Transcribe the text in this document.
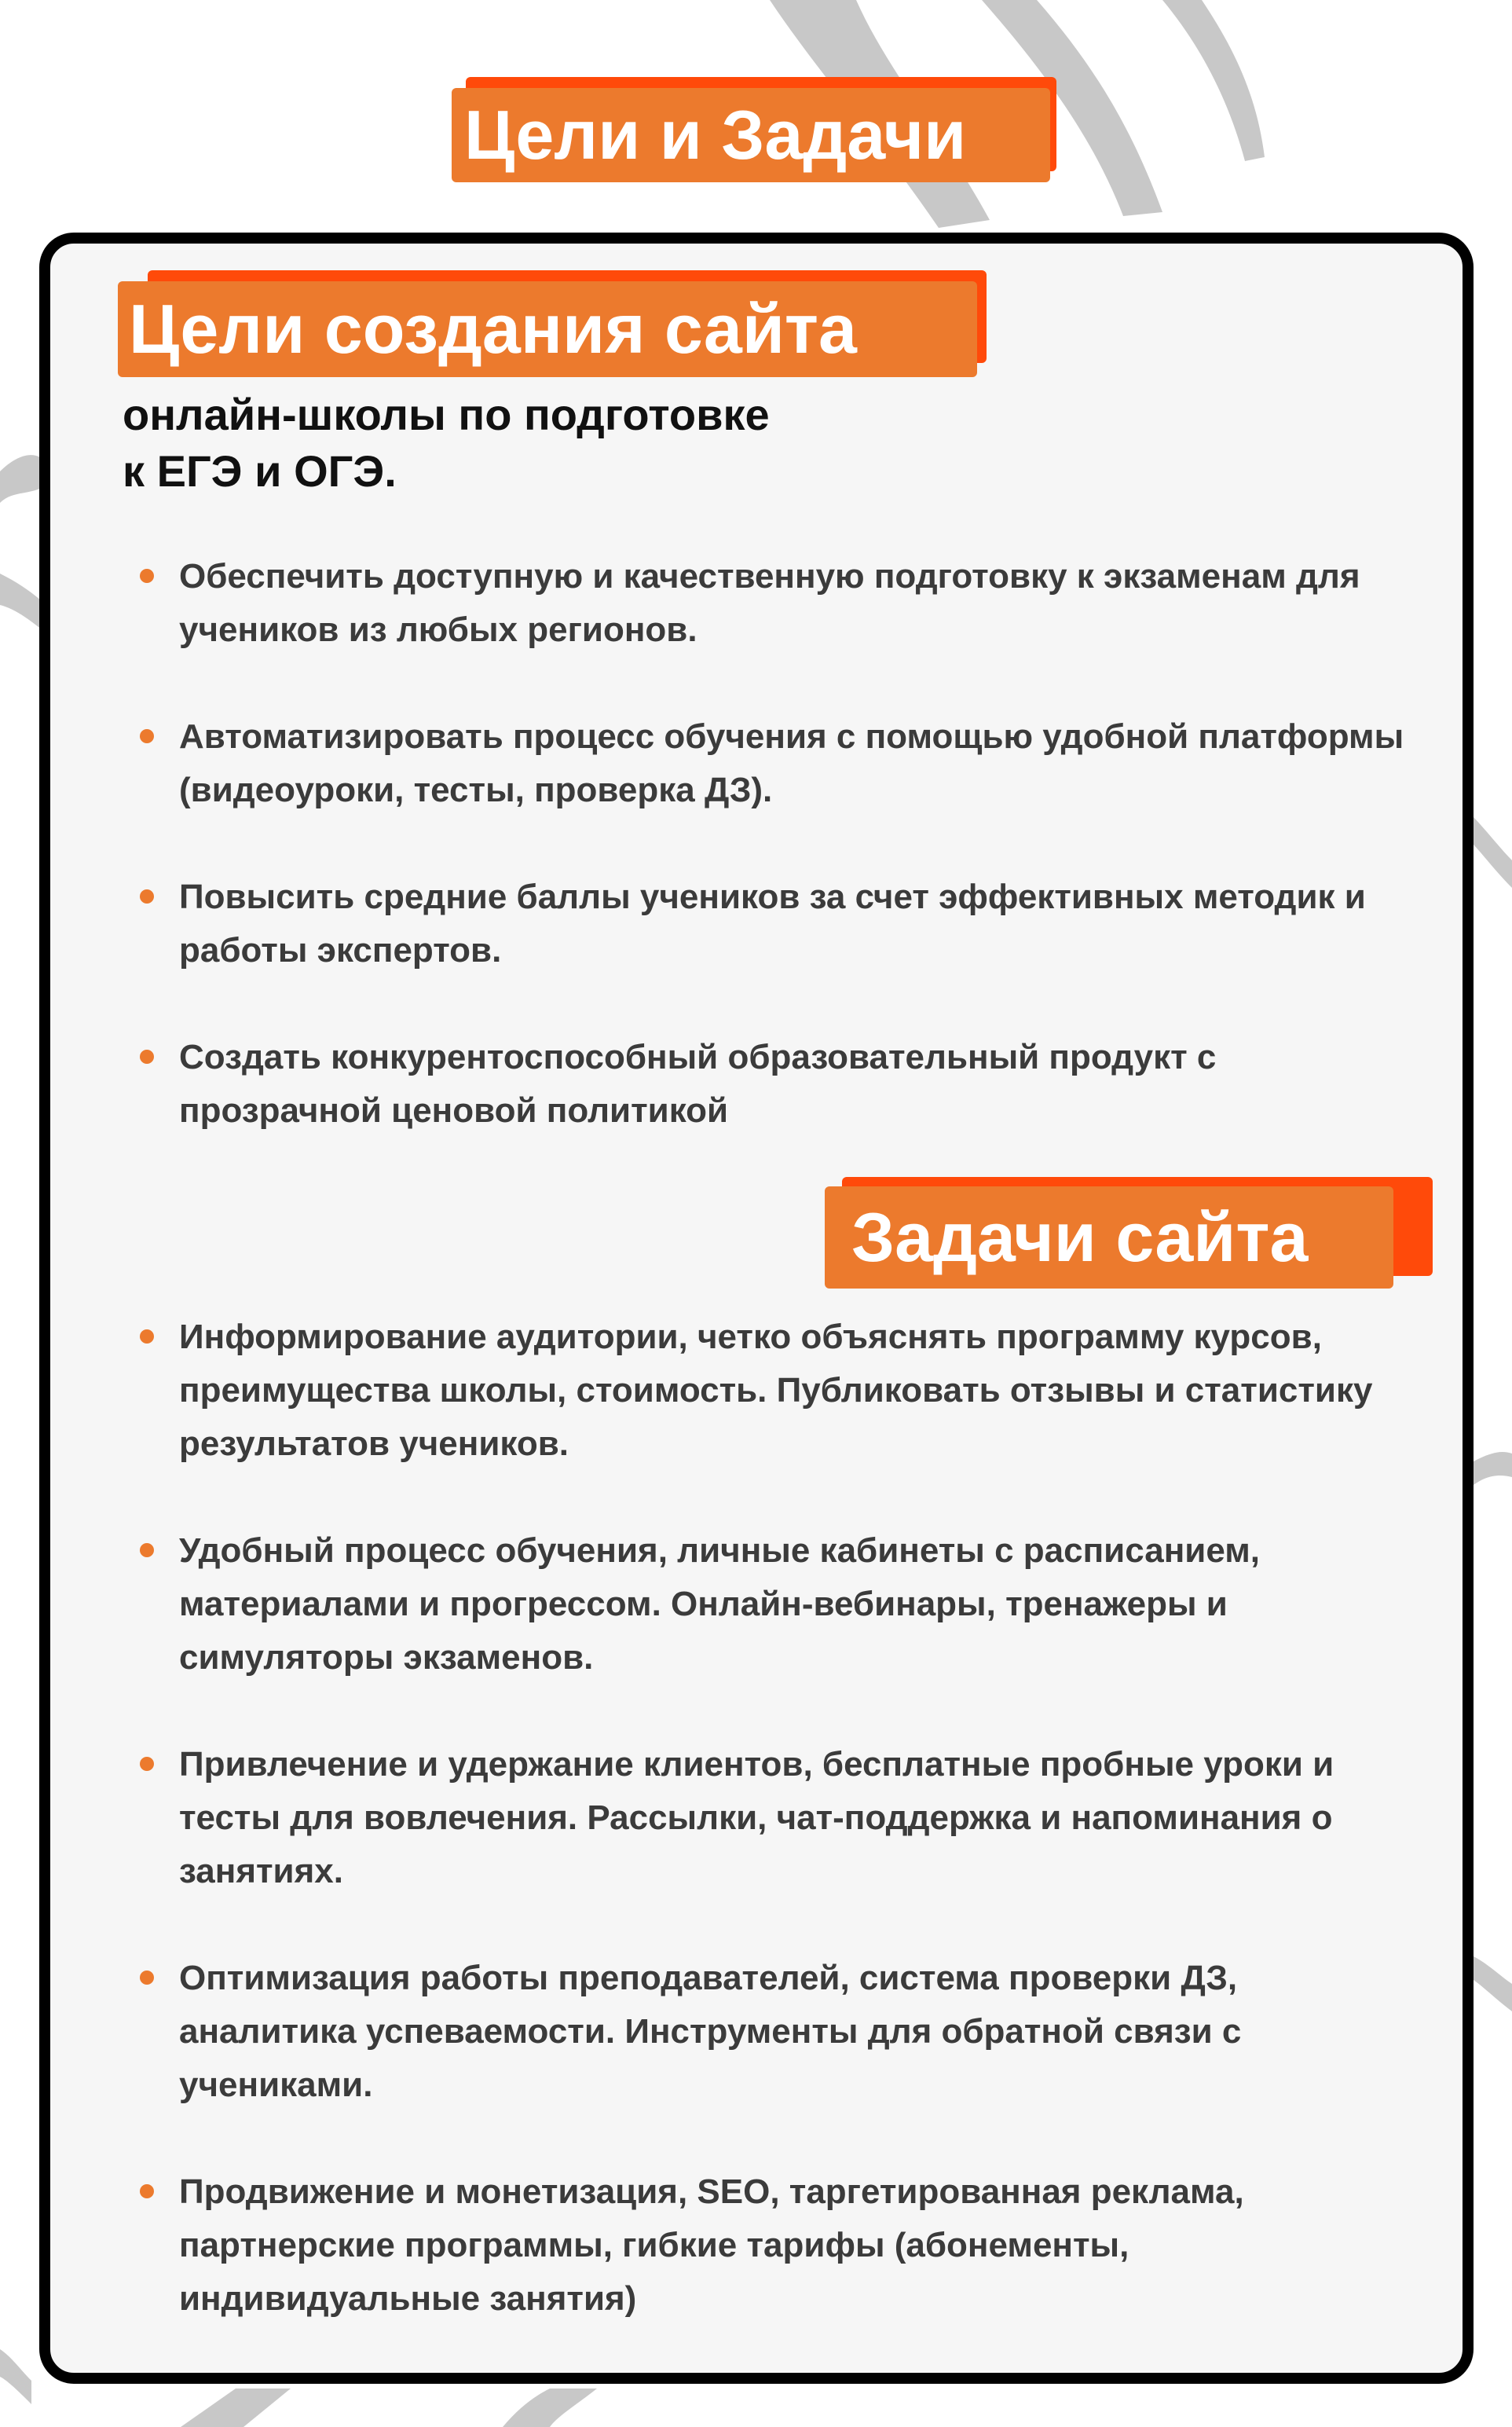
Цели и Задачи
Цели создания сайта

онлайн-школы по подготовке
к ЕГЭ и ОГЭ.

Обеспечить доступную и качественную подготовку к экзаменам для учеников из любых регионов.
Автоматизировать процесс обучения с помощью удобной платформы (видеоуроки, тесты, проверка ДЗ).
Повысить средние баллы учеников за счет эффективных методик и работы экспертов.
Создать конкурентоспособный образовательный продукт с прозрачной ценовой политикой
Задачи сайта
Информирование аудитории, четко объяснять программу курсов, преимущества школы, стоимость. Публиковать отзывы и статистику результатов учеников.
Удобный процесс обучения, личные кабинеты с расписанием, материалами и прогрессом. Онлайн-вебинары, тренажеры и симуляторы экзаменов.
Привлечение и удержание клиентов, бесплатные пробные уроки и тесты для вовлечения. Рассылки, чат-поддержка и напоминания о занятиях.
Оптимизация работы преподавателей, система проверки ДЗ, аналитика успеваемости. Инструменты для обратной связи с учениками.
Продвижение и монетизация, SEO, таргетированная реклама, партнерские программы, гибкие тарифы (абонементы, индивидуальные занятия)
